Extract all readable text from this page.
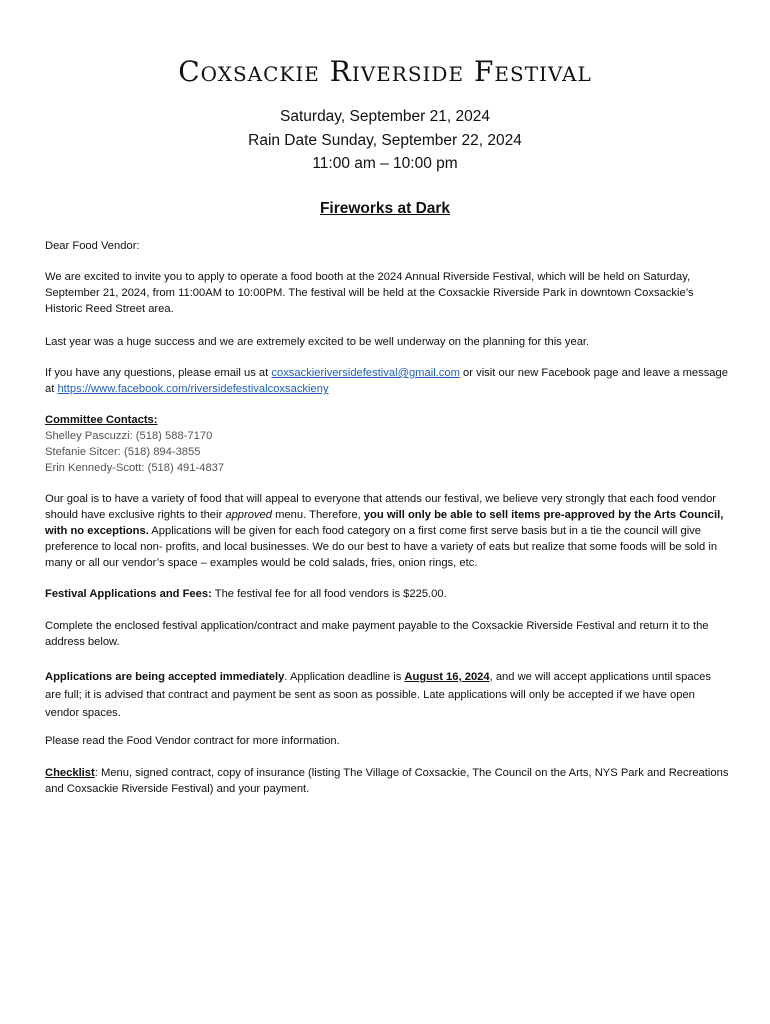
Coxsackie Riverside Festival
Saturday, September 21, 2024
Rain Date Sunday, September 22, 2024
11:00 am – 10:00 pm
Fireworks at Dark
Dear Food Vendor:
We are excited to invite you to apply to operate a food booth at the 2024 Annual Riverside Festival, which will be held on Saturday, September 21, 2024, from 11:00AM to 10:00PM. The festival will be held at the Coxsackie Riverside Park in downtown Coxsackie’s Historic Reed Street area.
Last year was a huge success and we are extremely excited to be well underway on the planning for this year.
If you have any questions, please email us at coxsackieriversidefestival@gmail.com or visit our new Facebook page and leave a message at https://www.facebook.com/riversidefestivalcoxsackieny
Committee Contacts:
Shelley Pascuzzi: (518) 588-7170
Stefanie Sitcer: (518) 894-3855
Erin Kennedy-Scott: (518) 491-4837
Our goal is to have a variety of food that will appeal to everyone that attends our festival, we believe very strongly that each food vendor should have exclusive rights to their approved menu. Therefore, you will only be able to sell items pre-approved by the Arts Council, with no exceptions. Applications will be given for each food category on a first come first serve basis but in a tie the council will give preference to local non- profits, and local businesses. We do our best to have a variety of eats but realize that some foods will be sold in many or all our vendor’s space – examples would be cold salads, fries, onion rings, etc.
Festival Applications and Fees: The festival fee for all food vendors is $225.00.
Complete the enclosed festival application/contract and make payment payable to the Coxsackie Riverside Festival and return it to the address below.
Applications are being accepted immediately. Application deadline is August 16, 2024, and we will accept applications until spaces are full; it is advised that contract and payment be sent as soon as possible. Late applications will only be accepted if we have open vendor spaces.
Please read the Food Vendor contract for more information.
Checklist: Menu, signed contract, copy of insurance (listing The Village of Coxsackie, The Council on the Arts, NYS Park and Recreations and Coxsackie Riverside Festival) and your payment.
